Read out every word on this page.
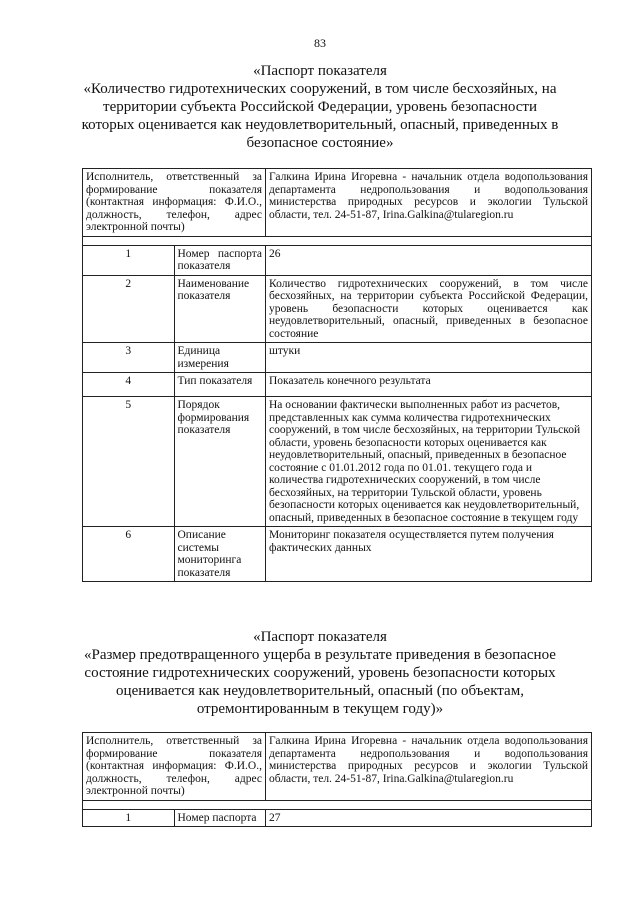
83
«Паспорт показателя
«Количество гидротехнических сооружений, в том числе бесхозяйных, на территории субъекта Российской Федерации, уровень безопасности которых оценивается как неудовлетворительный, опасный, приведенных в безопасное состояние»
Исполнитель, ответственный за формирование показателя (контактная информация: Ф.И.О., должность, телефон, адрес электронной почты)		Галкина Ирина Игоревна - начальник отдела водопользования департамента недропользования и водопользования министерства природных ресурсов и экологии Тульской области, тел. 24-51-87, Irina.Galkina@tularegion.ru

1	Номер паспорта показателя	26
2	Наименование показателя	Количество гидротехнических сооружений, в том числе бесхозяйных, на территории субъекта Российской Федерации, уровень безопасности которых оценивается как неудовлетворительный, опасный, приведенных в безопасное состояние
3	Единица измерения	штуки
4	Тип показателя	Показатель конечного результата
5	Порядок формирования показателя	На основании фактически выполненных работ из расчетов, представленных как сумма количества гидротехнических сооружений, в том числе бесхозяйных, на территории Тульской области, уровень безопасности которых оценивается как неудовлетворительный, опасный, приведенных в безопасное состояние с 01.01.2012 года по 01.01. текущего года и количества гидротехнических сооружений, в том числе бесхозяйных, на территории Тульской области, уровень безопасности которых оценивается как неудовлетворительный, опасный, приведенных в безопасное состояние в текущем году
6	Описание системы мониторинга показателя	Мониторинг показателя осуществляется путем получения фактических данных
«Паспорт показателя
«Размер предотвращенного ущерба в результате приведения в безопасное состояние гидротехнических сооружений, уровень безопасности которых оценивается как неудовлетворительный, опасный (по объектам, отремонтированным в текущем году)»
Исполнитель, ответственный за формирование показателя (контактная информация: Ф.И.О., должность, телефон, адрес электронной почты)		Галкина Ирина Игоревна - начальник отдела водопользования департамента недропользования и водопользования министерства природных ресурсов и экологии Тульской области, тел. 24-51-87, Irina.Galkina@tularegion.ru

1	Номер паспорта	27
